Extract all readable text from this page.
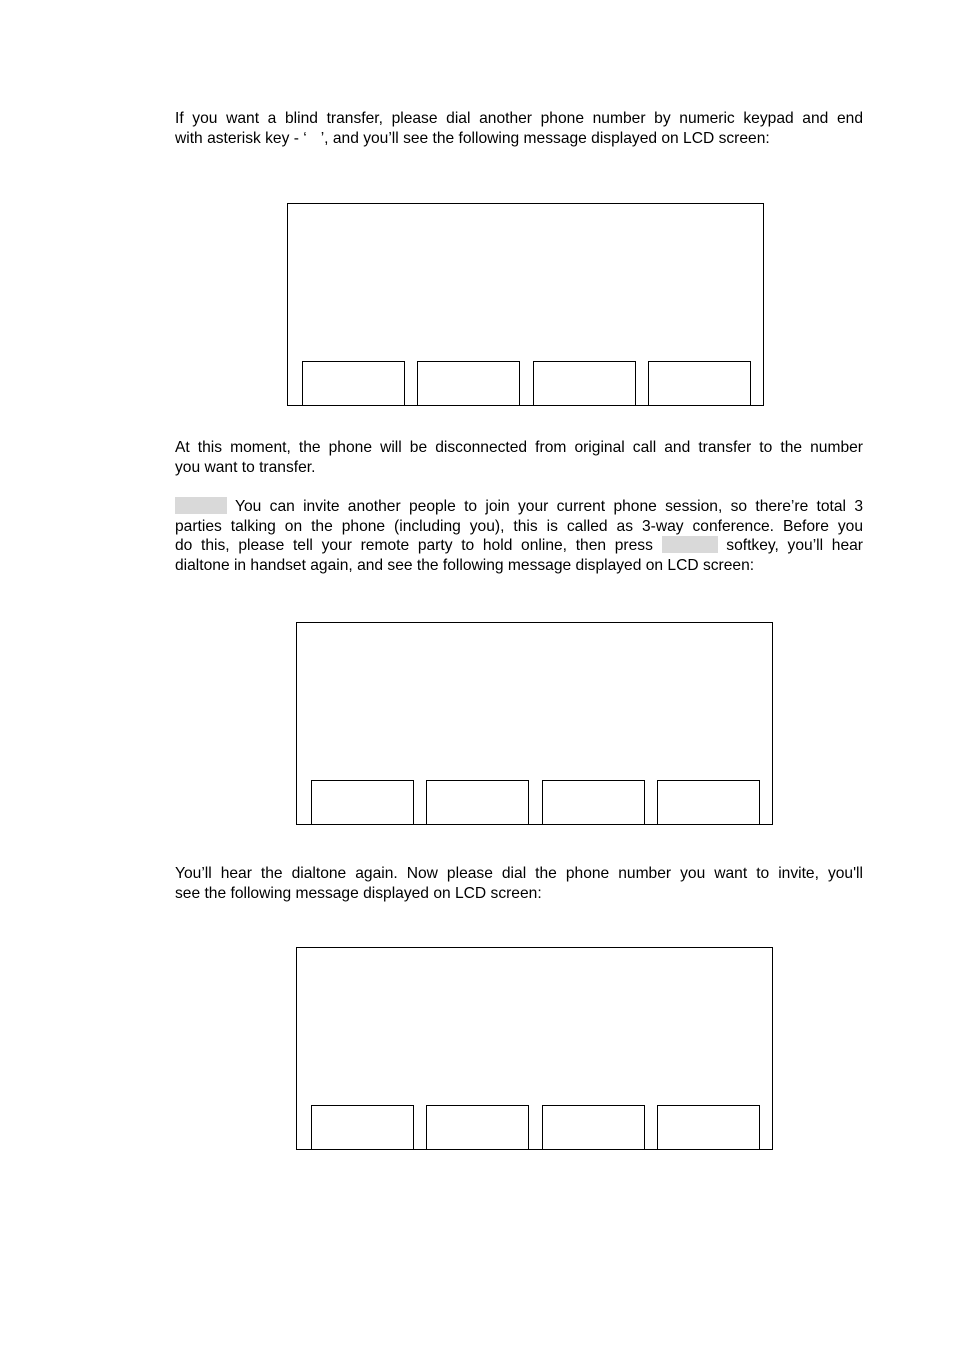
If you want a blind transfer, please dial another phone number by numeric keypad and end
with asterisk key - ‘ ’, and you’ll see the following message displayed on LCD screen:
At this moment, the phone will be disconnected from original call and transfer to the number
you want to transfer.
You can invite another people to join your current phone session, so there’re total 3
parties talking on the phone (including you), this is called as 3-way conference. Before you
do this, please tell your remote party to hold online, then press	softkey, you’ll hear
dialtone in handset again, and see the following message displayed on LCD screen:
You’ll hear the dialtone again. Now please dial the phone number you want to invite, you'll
see the following message displayed on LCD screen:
